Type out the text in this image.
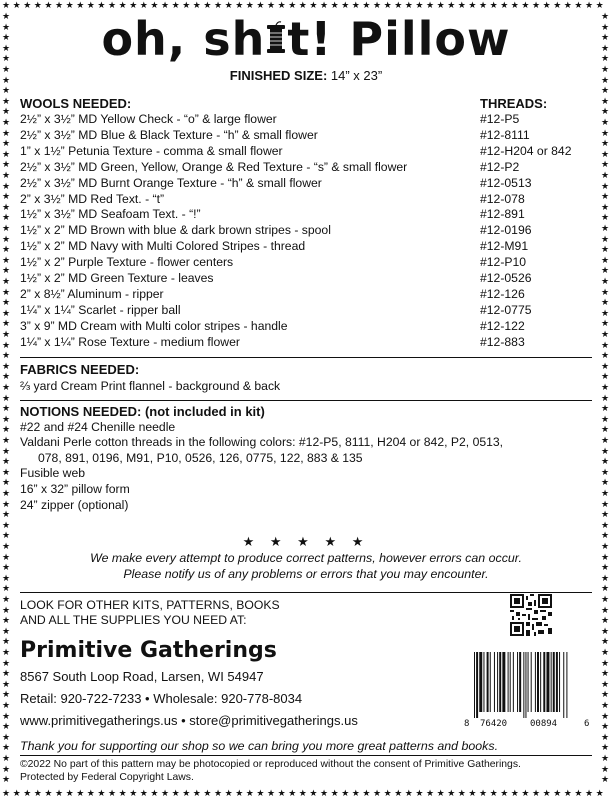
★
★
★
★
★
★
★
★
★
★
★
★
★
★
★
★
★
★
★
★
★
★
★
★
★
★
★
★
★
★
★
★
★
★
★
★
★
★
★
★
★
★
★
★
★
★
★
★
★
★
★
★
★
★
★
★
★
★
★
★
★
★
★
★
★
★
★
★
★
★
★
★
★
★
★
★
★
★
★
★
★
★
★
★
★
★
★
★
★
★
★
★
★
★
★
★
★
★
★
★
★
★
★
★
★
★
★
★
★
★
★
★
★
★
★	★
★	★
★	★
★	★
★	★
★	★
★	★
★	★
★	★
★	★
★	★
★	★
★	★
★	★
★	★
★	★
★	★
★	★
★	★
★	★
★	★
★	★
★	★
★	★
★	★
★	★
★	★
★	★
★	★
★	★
★	★
★	★
★	★
★	★
★	★
★	★
★	★
★	★
★	★
★	★
★	★
★	★
★	★
★	★
★	★
★	★
★	★
★	★
★	★
★	★
★	★
★	★
★	★
★	★
★	★
★	★
★	★
★	★
★	★
★	★
★	★
★	★
★	★
★	★
★	★
★	★
★	★
★	★
★	★
★	★
★	★
★	★
★	★
oh, sh t! Pillow
FINISHED SIZE: 14” x 23”
WOOLS NEEDED:	THREADS:
2½” x 3½” MD Yellow Check - “o” & large flower	#12-P5
2½” x 3½” MD Blue & Black Texture - “h” & small flower	#12-8111
1” x 1½” Petunia Texture - comma & small flower	#12-H204 or 842
2½” x 3½” MD Green, Yellow, Orange & Red Texture - “s” & small flower	#12-P2
2½” x 3½” MD Burnt Orange Texture - “h” & small flower	#12-0513
2” x 3½” MD Red Text. - “t”	#12-078
1½” x 3½” MD Seafoam Text. - “!”	#12-891
1½” x 2” MD Brown with blue & dark brown stripes - spool	#12-0196
1½” x 2” MD Navy with Multi Colored Stripes - thread	#12-M91
1½” x 2” Purple Texture - flower centers	#12-P10
1½” x 2” MD Green Texture - leaves	#12-0526
2” x 8½” Aluminum - ripper	#12-126
1¼” x 1¼” Scarlet - ripper ball	#12-0775
3” x 9” MD Cream with Multi color stripes - handle	#12-122
1¼” x 1¼” Rose Texture - medium flower	#12-883
FABRICS NEEDED:
⅔ yard Cream Print flannel - background & back
NOTIONS NEEDED: (not included in kit)
#22 and #24 Chenille needle
Valdani Perle cotton threads in the following colors: #12-P5, 8111, H204 or 842, P2, 0513,
078, 891, 0196, M91, P10, 0526, 126, 0775, 122, 883 & 135
Fusible web
16” x 32” pillow form
24” zipper (optional)
★ ★ ★ ★ ★
We make every attempt to produce correct patterns, however errors can occur.
Please notify us of any problems or errors that you may encounter.
LOOK FOR OTHER KITS, PATTERNS, BOOKS
AND ALL THE SUPPLIES YOU NEED AT:
Primitive Gatherings
8567 South Loop Road, Larsen, WI 54947
Retail: 920-722-7233 • Wholesale: 920-778-8034
www.primitivegatherings.us • store@primitivegatherings.us	8 76420	00894	6
Thank you for supporting our shop so we can bring you more great patterns and books.
©2022 No part of this pattern may be photocopied or reproduced without the consent of Primitive Gatherings.
Protected by Federal Copyright Laws.
